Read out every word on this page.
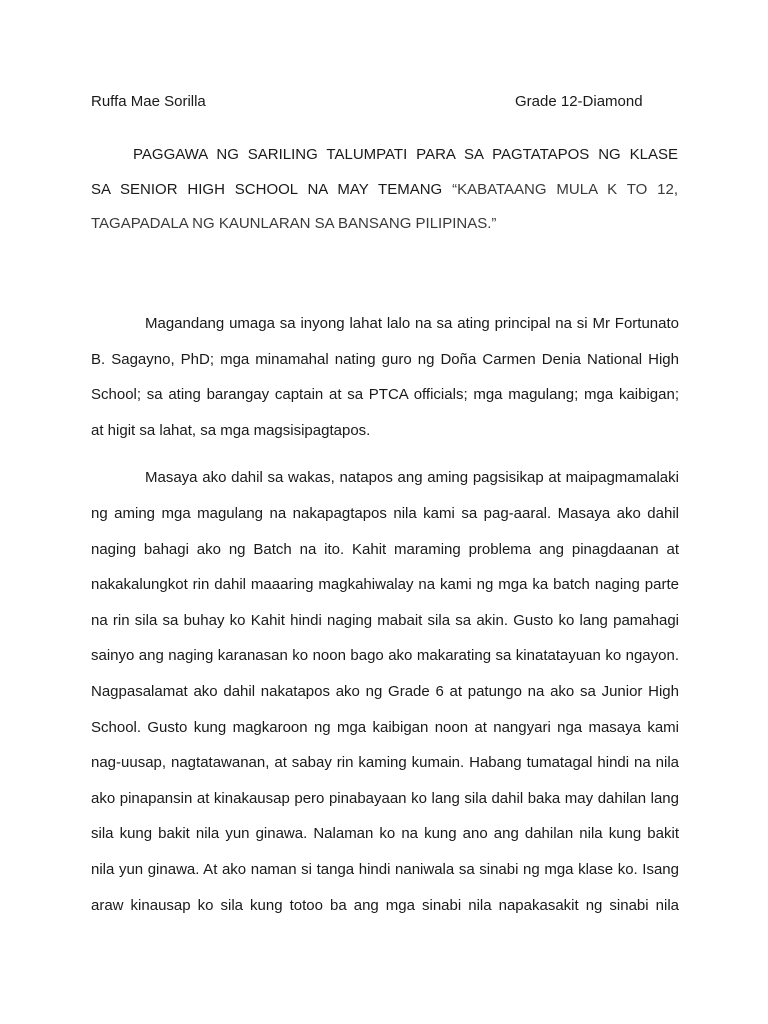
Ruffa Mae Sorilla	Grade 12-Diamond
PAGGAWA NG SARILING TALUMPATI PARA SA PAGTATAPOS NG KLASE
SA SENIOR HIGH SCHOOL NA MAY TEMANG “KABATAANG MULA K TO 12,
TAGAPADALA NG KAUNLARAN SA BANSANG PILIPINAS.”
Magandang umaga sa inyong lahat lalo na sa ating principal na si Mr Fortunato
B. Sagayno, PhD; mga minamahal nating guro ng Doña Carmen Denia National High
School; sa ating barangay captain at sa PTCA officials; mga magulang; mga kaibigan;
at higit sa lahat, sa mga magsisipagtapos.
Masaya ako dahil sa wakas, natapos ang aming pagsisikap at maipagmamalaki
ng aming mga magulang na nakapagtapos nila kami sa pag-aaral. Masaya ako dahil
naging bahagi ako ng Batch na ito. Kahit maraming problema ang pinagdaanan at
nakakalungkot rin dahil maaaring magkahiwalay na kami ng mga ka batch naging parte
na rin sila sa buhay ko Kahit hindi naging mabait sila sa akin. Gusto ko lang pamahagi
sainyo ang naging karanasan ko noon bago ako makarating sa kinatatayuan ko ngayon.
Nagpasalamat ako dahil nakatapos ako ng Grade 6 at patungo na ako sa Junior High
School. Gusto kung magkaroon ng mga kaibigan noon at nangyari nga masaya kami
nag-uusap, nagtatawanan, at sabay rin kaming kumain. Habang tumatagal hindi na nila
ako pinapansin at kinakausap pero pinabayaan ko lang sila dahil baka may dahilan lang
sila kung bakit nila yun ginawa. Nalaman ko na kung ano ang dahilan nila kung bakit
nila yun ginawa. At ako naman si tanga hindi naniwala sa sinabi ng mga klase ko. Isang
araw kinausap ko sila kung totoo ba ang mga sinabi nila napakasakit ng sinabi nila
